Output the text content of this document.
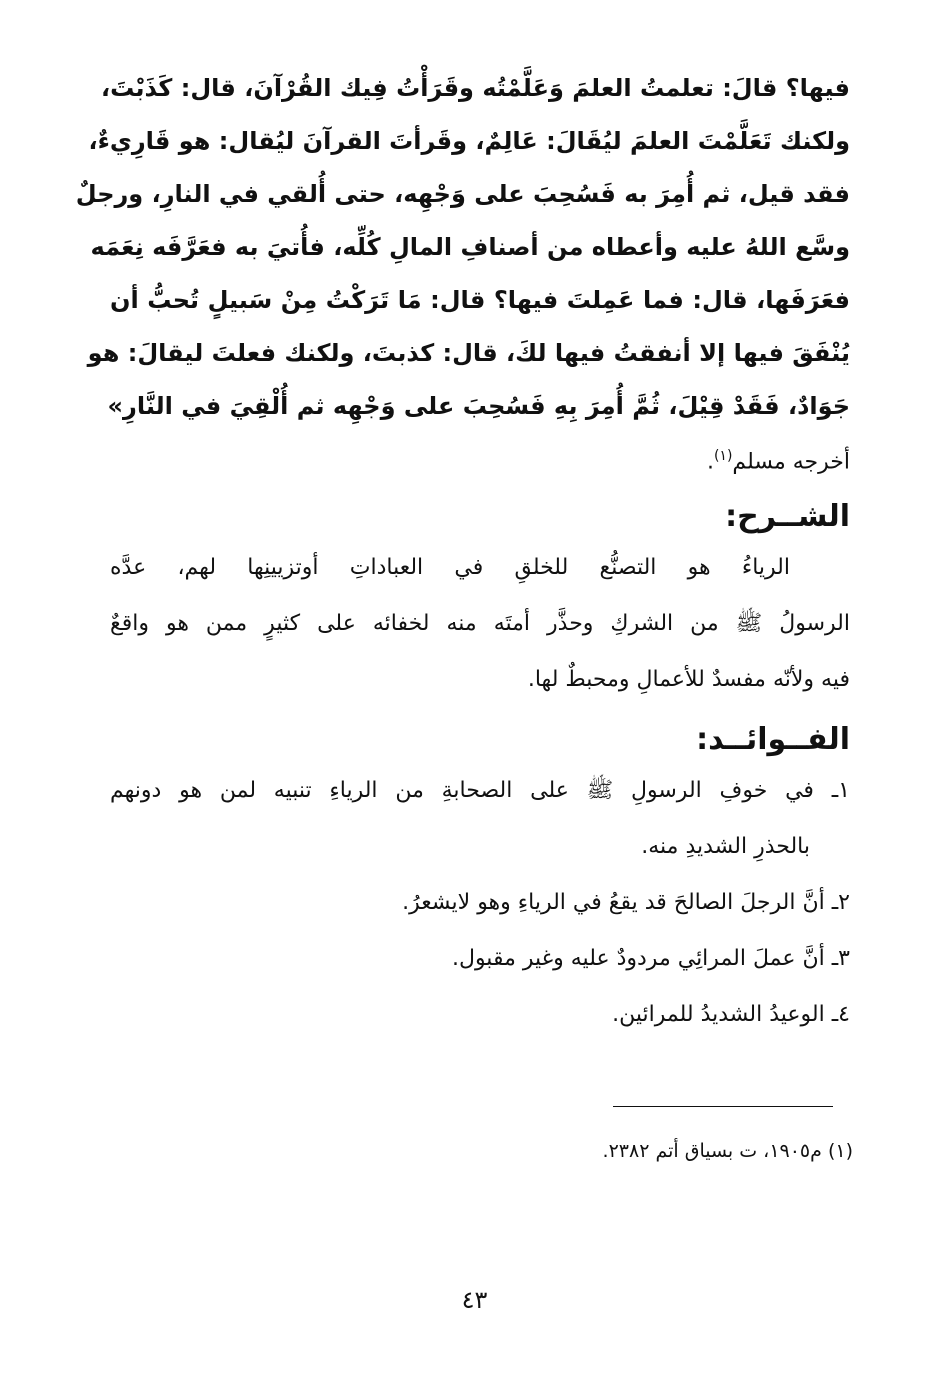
فيها؟ قالَ: تعلمتُ العلمَ وَعَلَّمْتُه وقَرَأْتُ فِيك القُرْآنَ، قال: كَذَبْتَ،
ولكنك تَعَلَّمْتَ العلمَ ليُقَالَ: عَالِمٌ، وقَرأتَ القرآنَ ليُقال: هو قَارِيءٌ،
فقد قيل، ثم أُمِرَ به فَسُحِبَ على وَجْهِه، حتى أُلقي في النارِ، ورجلٌ
وسَّع اللهُ عليه وأعطاه من أصنافِ المالِ كُلِّه، فأُتيَ به فعَرَّفَه نِعَمَه
فعَرَفَها، قال: فما عَمِلتَ فيها؟ قال: مَا تَرَكْتُ مِنْ سَبيلٍ تُحبُّ أن
يُنْفَقَ فيها إلا أنفقتُ فيها لكَ، قال: كذبتَ، ولكنك فعلتَ ليقالَ: هو
جَوَادٌ، فَقَدْ قِيْلَ، ثُمَّ أُمِرَ بِهِ فَسُحِبَ على وَجْهِه ثم أُلْقِيَ في النَّارِ»
أخرجه مسلم$^{(١)}$.
الشــرح:
الرياءُ هو التصنُّع للخلقِ في العباداتِ أوتزيينِها لهم، عدَّه
الرسولُ ﷺ من الشركِ وحذَّر أمتَه منه لخفائه على كثيرٍ ممن هو واقعٌ
فيه ولأنّه مفسدٌ للأعمالِ ومحبطٌ لها.
الفــوائــد:
١ـ في خوفِ الرسولِ ﷺ على الصحابةِ من الرياءِ تنبيه لمن هو دونهم
بالحذرِ الشديدِ منه.
٢ـ أنَّ الرجلَ الصالحَ قد يقعُ في الرياءِ وهو لايشعرُ.
٣ـ أنَّ عملَ المرائِي مردودٌ عليه وغير مقبول.
٤ـ الوعيدُ الشديدُ للمرائين.
(١) م١٩٠٥، ت بسياق أتم ٢٣٨٢.
٤٣
